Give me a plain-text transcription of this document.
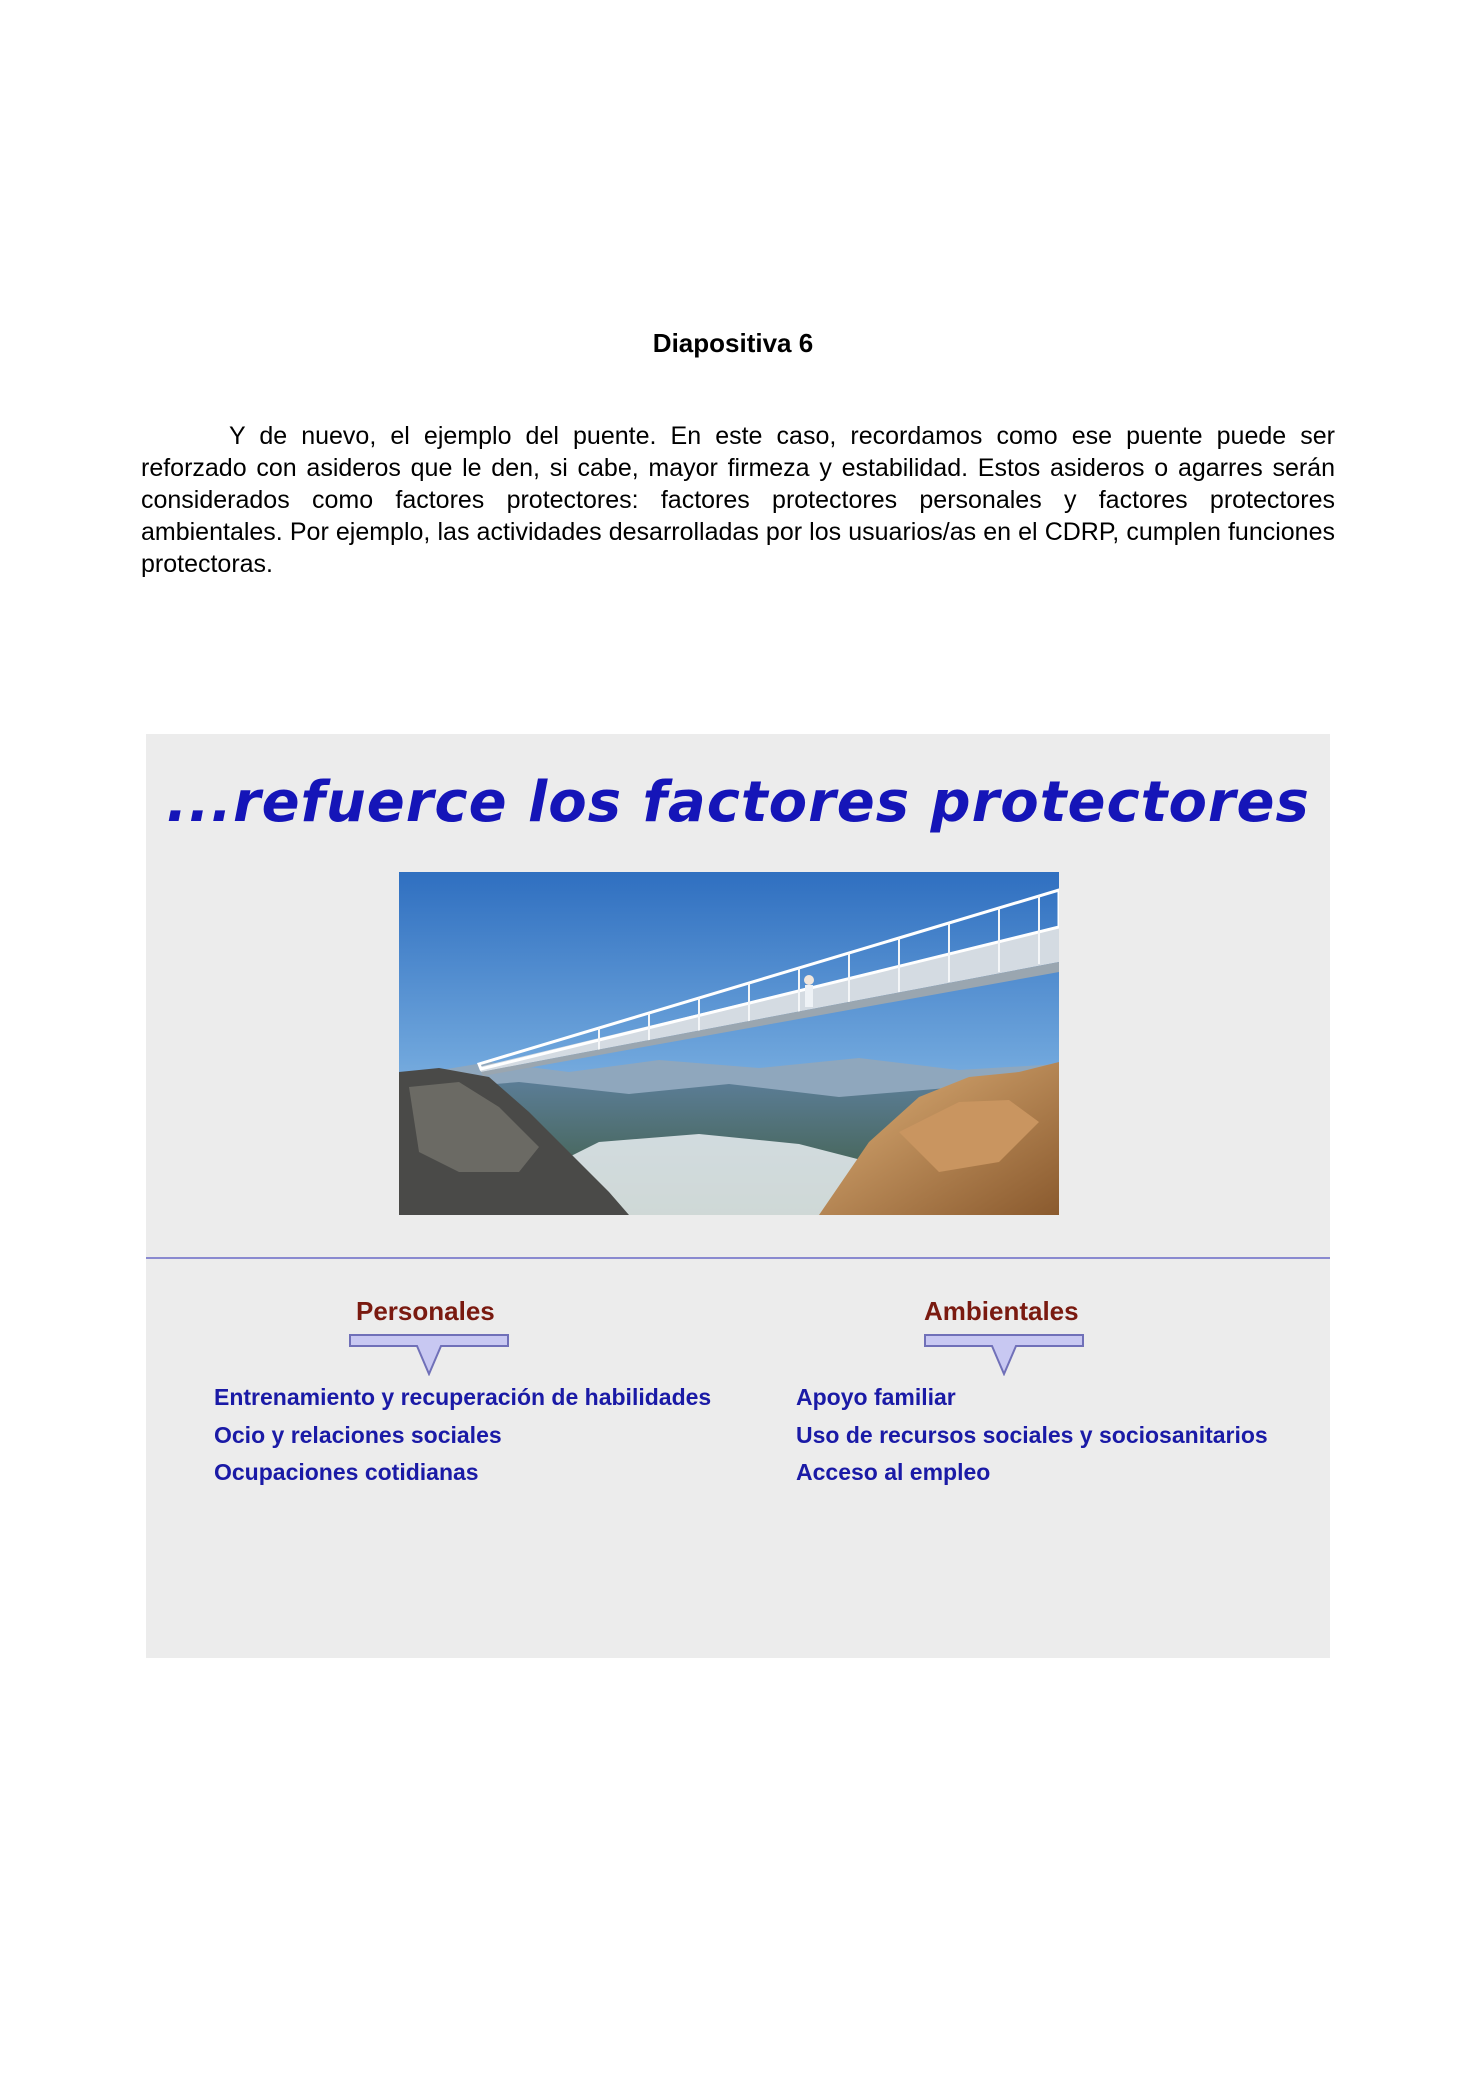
Diapositiva 6

Y de nuevo, el ejemplo del puente. En este caso, recordamos como ese puente puede ser reforzado con asideros que le den, si cabe, mayor firmeza y estabilidad. Estos asideros o agarres serán considerados como factores protectores: factores protectores personales y factores protectores ambientales. Por ejemplo, las actividades desarrolladas por los usuarios/as en el CDRP, cumplen funciones protectoras.

...refuerce los factores protectores
Personales
Entrenamiento y recuperación de habilidades
Ocio y relaciones sociales
Ocupaciones cotidianas
Ambientales
Apoyo familiar
Uso de recursos sociales y sociosanitarios
Acceso al empleo
